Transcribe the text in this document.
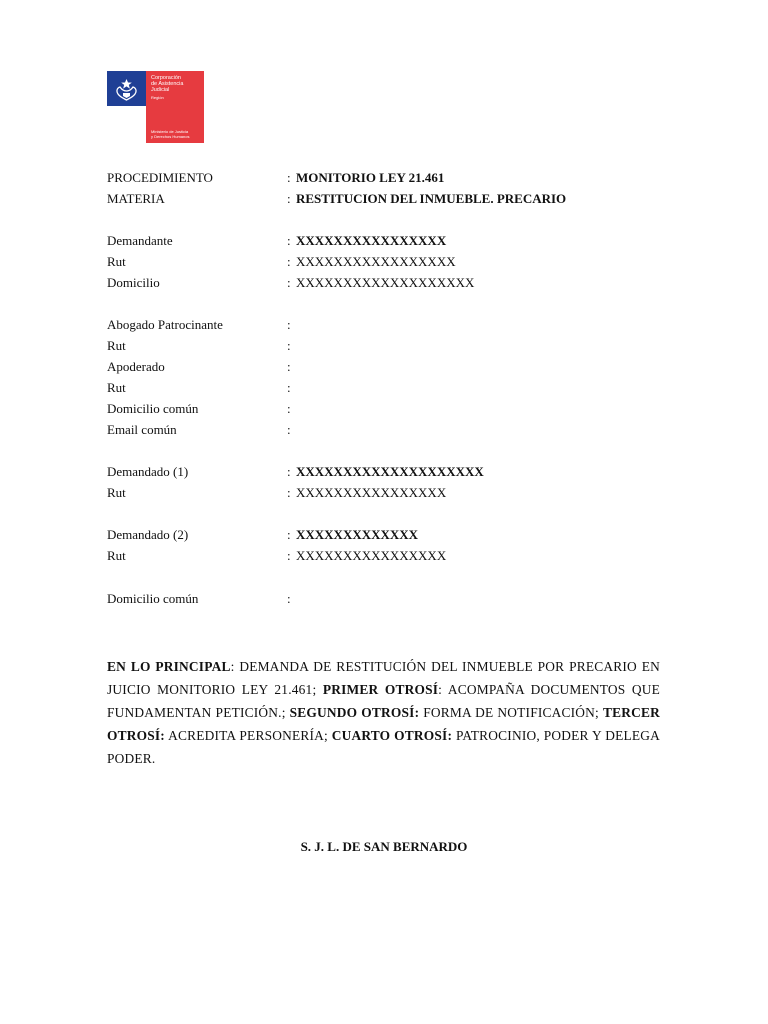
Corporación
de Asistencia
Judicial
Región
Ministerio de Justicia
y Derechos Humanos
PROCEDIMIENTO	: MONITORIO LEY 21.461
MATERIA	: RESTITUCION DEL INMUEBLE. PRECARIO
Demandante	: XXXXXXXXXXXXXXXX
Rut	: XXXXXXXXXXXXXXXXX
Domicilio	: XXXXXXXXXXXXXXXXXXX
Abogado Patrocinante	:
Rut	:
Apoderado	:
Rut	:
Domicilio común	:
Email común	:
Demandado (1)	: XXXXXXXXXXXXXXXXXXXX
Rut	: XXXXXXXXXXXXXXXX
Demandado (2)	: XXXXXXXXXXXXX
Rut	: XXXXXXXXXXXXXXXX
Domicilio común	:
EN LO PRINCIPAL: DEMANDA DE RESTITUCIÓN DEL INMUEBLE POR PRECARIO EN JUICIO MONITORIO LEY 21.461; PRIMER OTROSÍ: ACOMPAÑA DOCUMENTOS QUE FUNDAMENTAN PETICIÓN.; SEGUNDO OTROSÍ: FORMA DE NOTIFICACIÓN; TERCER OTROSÍ: ACREDITA PERSONERÍA; CUARTO OTROSÍ: PATROCINIO, PODER Y DELEGA PODER.
S. J. L. DE SAN BERNARDO
